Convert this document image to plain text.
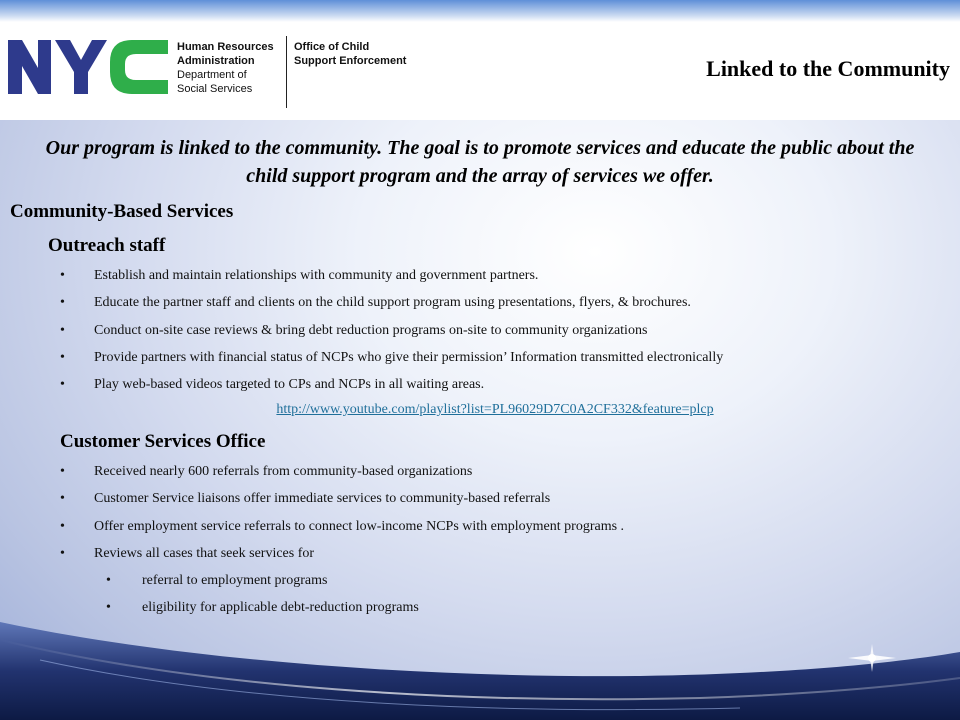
NYC
Human Resources
Administration
Department of
Social Services
Office of Child
Support Enforcement	Linked to the Community
Our program is linked to the community. The goal is to promote services and educate the public about the child support program and the array of services we offer.
Community-Based Services
Outreach staff
• Establish and maintain relationships with community and government partners.
• Educate the partner staff and clients on the child support program using presentations, flyers, & brochures.
• Conduct on-site case reviews & bring debt reduction programs on-site to community organizations
• Provide partners with financial status of NCPs who give their permission’ Information transmitted electronically
• Play web-based videos targeted to CPs and NCPs in all waiting areas.
http://www.youtube.com/playlist?list=PL96029D7C0A2CF332&feature=plcp
Customer Services Office
• Received nearly 600 referrals from community-based organizations
• Customer Service liaisons offer immediate services to community-based referrals
• Offer employment service referrals to connect low-income NCPs with employment programs .
• Reviews all cases that seek services for
• referral to employment programs
• eligibility for applicable debt-reduction programs
